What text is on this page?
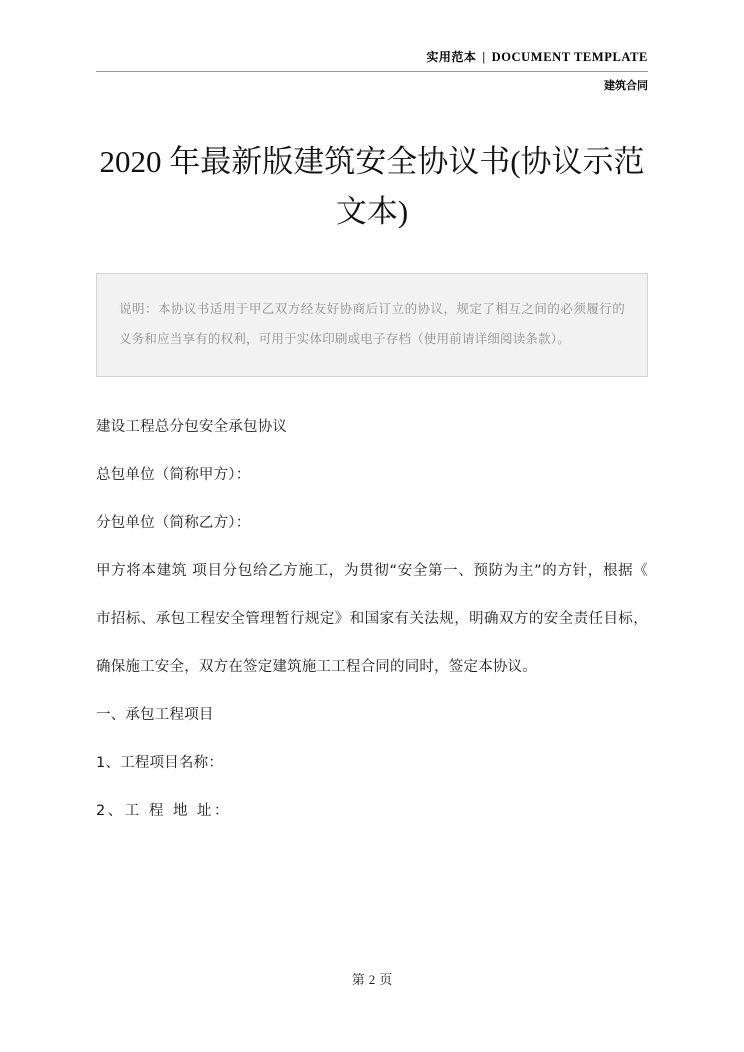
实用范本 | DOCUMENT TEMPLATE
建筑合同
2020 年最新版建筑安全协议书(协议示范文本)
说明：本协议书适用于甲乙双方经友好协商后订立的协议，规定了相互之间的必须履行的义务和应当享有的权利，可用于实体印刷或电子存档（使用前请详细阅读条款）。

建设工程总分包安全承包协议

总包单位（简称甲方）：

分包单位（简称乙方）：

甲方将本建筑 项目分包给乙方施工，为贯彻“安全第一、预防为主”的方针，根据《 市招标、承包工程安全管理暂行规定》和国家有关法规，明确双方的安全责任目标，确保施工安全，双方在签定建筑施工工程合同的同时，签定本协议。

一、承包工程项目

1、工程项目名称：

2、工 程 地 址：

第 2 页
